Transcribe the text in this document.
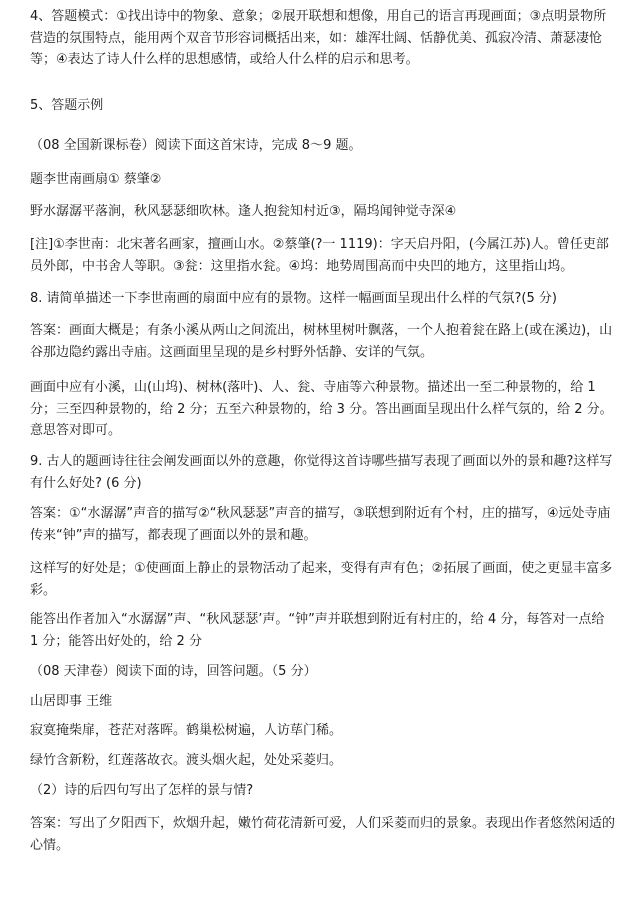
4、答题模式：①找出诗中的物象、意象；②展开联想和想像，用自己的语言再现画面；③点明景物所营造的氛围特点，能用两个双音节形容词概括出来，如：雄浑壮阔、恬静优美、孤寂冷清、萧瑟凄怆等；④表达了诗人什么样的思想感情，或给人什么样的启示和思考。

5、答题示例

（08 全国新课标卷）阅读下面这首宋诗，完成 8～9 题。

题李世南画扇① 蔡肇②

野水潺潺平落涧，秋风瑟瑟细吹林。逢人抱瓮知村近③，隔坞闻钟觉寺深④

[注]①李世南：北宋著名画家，擅画山水。②蔡肇(?一 1119)：字天启丹阳，(今属江苏)人。曾任吏部员外郎，中书舍人等职。③瓮：这里指水瓮。④坞：地势周围高而中央凹的地方，这里指山坞。

8. 请简单描述一下李世南画的扇面中应有的景物。这样一幅画面呈现出什么样的气氛?(5 分)

答案：画面大概是；有条小溪从两山之间流出，树林里树叶飘落，一个人抱着瓮在路上(或在溪边)，山谷那边隐约露出寺庙。这画面里呈现的是乡村野外恬静、安详的气氛。

画面中应有小溪，山(山坞)、树林(落叶)、人、瓮、寺庙等六种景物。描述出一至二种景物的，给 1 分；三至四种景物的，给 2 分；五至六种景物的，给 3 分。答出画面呈现出什么样气氛的，给 2 分。意思答对即可。

9. 古人的题画诗往往会阐发画面以外的意趣，你觉得这首诗哪些描写表现了画面以外的景和趣?这样写有什么好处? (6 分)

答案：①“水潺潺”声音的描写②“秋风瑟瑟”声音的描写，③联想到附近有个村，庄的描写，④远处寺庙传来“钟”声的描写，都表现了画面以外的景和趣。

这样写的好处是；①使画面上静止的景物活动了起来，变得有声有色；②拓展了画面，使之更显丰富多彩。

能答出作者加入“水潺潺”声、“秋风瑟瑟’声。“钟”声并联想到附近有村庄的，给 4 分，每答对一点给 1 分；能答出好处的，给 2 分

（08 天津卷）阅读下面的诗，回答问题。（5 分）

山居即事 王维

寂寞掩柴扉，苍茫对落晖。鹤巢松树遍，人访荜门稀。

绿竹含新粉，红莲落故衣。渡头烟火起，处处采菱归。

（2）诗的后四句写出了怎样的景与情?

答案：写出了夕阳西下，炊烟升起，嫩竹荷花清新可爱，人们采菱而归的景象。表现出作者悠然闲适的心情。
